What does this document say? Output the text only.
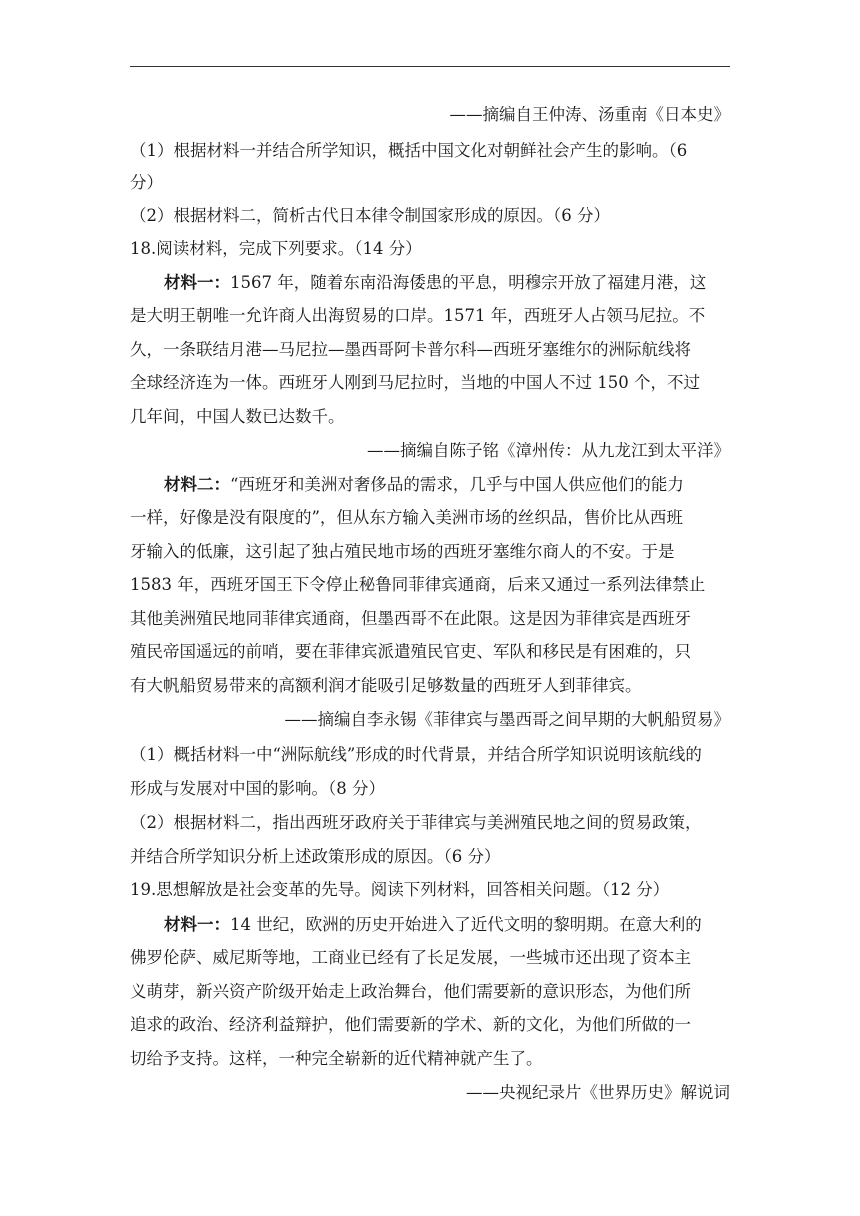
——摘编自王仲涛、汤重南《日本史》
（1）根据材料一并结合所学知识，概括中国文化对朝鲜社会产生的影响。（6
分）
（2）根据材料二，简析古代日本律令制国家形成的原因。（6 分）
18.阅读材料，完成下列要求。（14 分）
材料一：1567 年，随着东南沿海倭患的平息，明穆宗开放了福建月港，这
是大明王朝唯一允许商人出海贸易的口岸。1571 年，西班牙人占领马尼拉。不
久，一条联结月港—马尼拉—墨西哥阿卡普尔科—西班牙塞维尔的洲际航线将
全球经济连为一体。西班牙人刚到马尼拉时，当地的中国人不过 150 个，不过
几年间，中国人数已达数千。
——摘编自陈子铭《漳州传：从九龙江到太平洋》
材料二：“西班牙和美洲对奢侈品的需求，几乎与中国人供应他们的能力
一样，好像是没有限度的”，但从东方输入美洲市场的丝织品，售价比从西班
牙输入的低廉，这引起了独占殖民地市场的西班牙塞维尔商人的不安。于是
1583 年，西班牙国王下令停止秘鲁同菲律宾通商，后来又通过一系列法律禁止
其他美洲殖民地同菲律宾通商，但墨西哥不在此限。这是因为菲律宾是西班牙
殖民帝国遥远的前哨，要在菲律宾派遣殖民官吏、军队和移民是有困难的，只
有大帆船贸易带来的高额利润才能吸引足够数量的西班牙人到菲律宾。
——摘编自李永锡《菲律宾与墨西哥之间早期的大帆船贸易》
（1）概括材料一中“洲际航线”形成的时代背景，并结合所学知识说明该航线的
形成与发展对中国的影响。（8 分）
（2）根据材料二，指出西班牙政府关于菲律宾与美洲殖民地之间的贸易政策，
并结合所学知识分析上述政策形成的原因。（6 分）
19.思想解放是社会变革的先导。阅读下列材料，回答相关问题。（12 分）
材料一：14 世纪，欧洲的历史开始进入了近代文明的黎明期。在意大利的
佛罗伦萨、威尼斯等地，工商业已经有了长足发展，一些城市还出现了资本主
义萌芽，新兴资产阶级开始走上政治舞台，他们需要新的意识形态，为他们所
追求的政治、经济利益辩护，他们需要新的学术、新的文化，为他们所做的一
切给予支持。这样，一种完全崭新的近代精神就产生了。
——央视纪录片《世界历史》解说词
